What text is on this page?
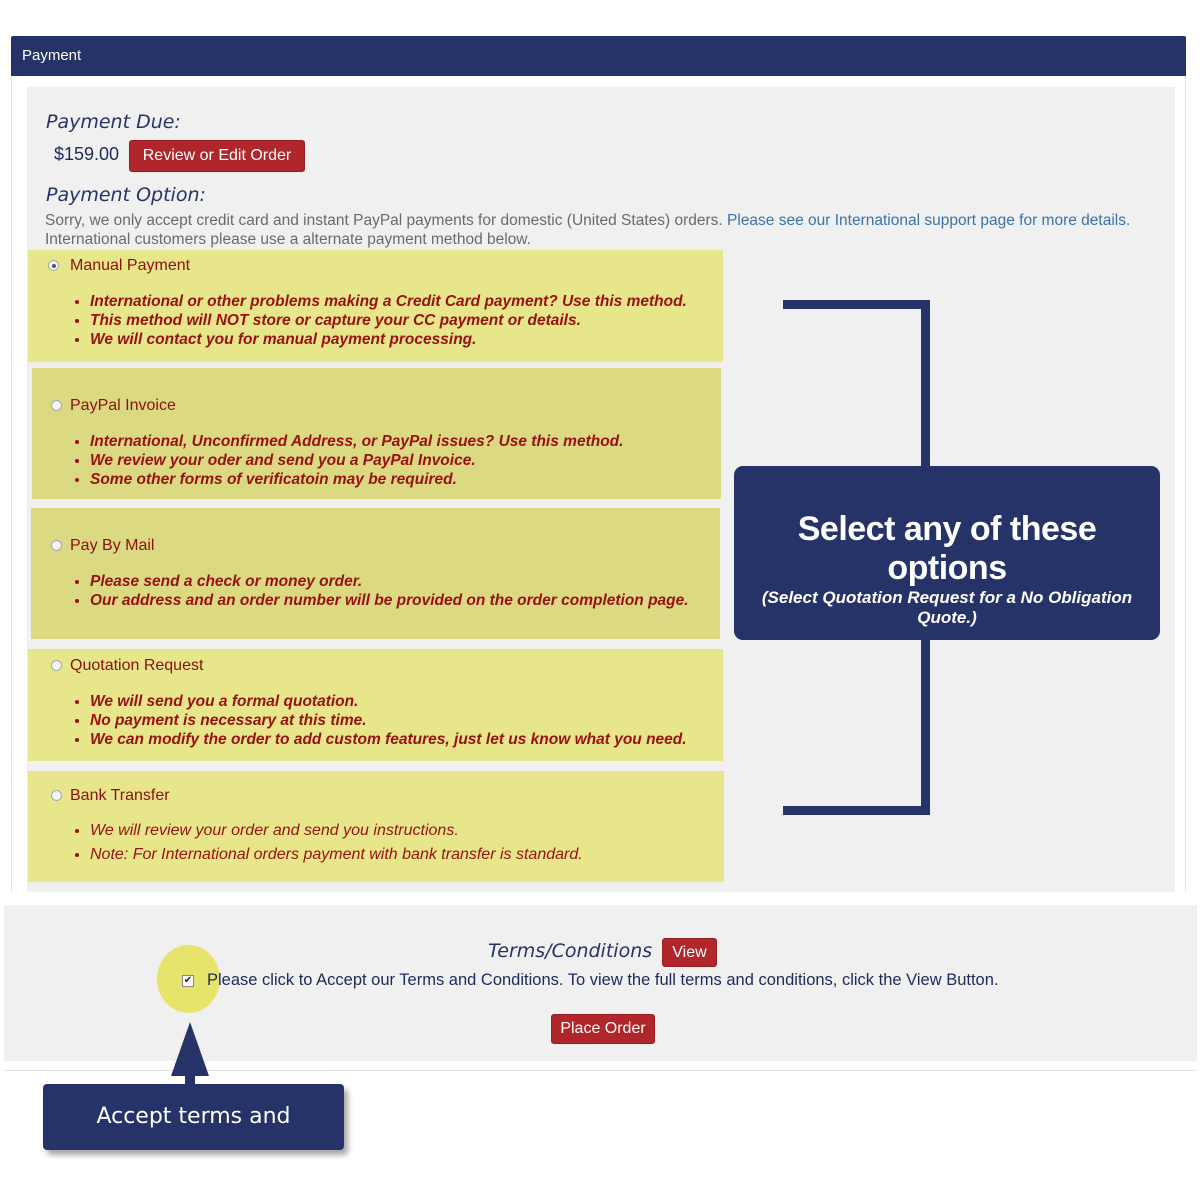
Payment
Payment Due:
$159.00	Review or Edit Order
Payment Option:
Sorry, we only accept credit card and instant PayPal payments for domestic (United States) orders. Please see our International support page for more details. International customers please use a alternate payment method below.
Manual Payment
• International or other problems making a Credit Card payment? Use this method.
• This method will NOT store or capture your CC payment or details.
• We will contact you for manual payment processing.
PayPal Invoice
• International, Unconfirmed Address, or PayPal issues? Use this method.
• We review your oder and send you a PayPal Invoice.
• Some other forms of verificatoin may be required.
Pay By Mail
• Please send a check or money order.
• Our address and an order number will be provided on the order completion page.
Quotation Request
• We will send you a formal quotation.
• No payment is necessary at this time.
• We can modify the order to add custom features, just let us know what you need.
Bank Transfer
• We will review your order and send you instructions.
• Note: For International orders payment with bank transfer is standard.
Select any of these options
(Select Quotation Request for a No Obligation Quote.)
Terms/Conditions	View
✔ Please click to Accept our Terms and Conditions. To view the full terms and conditions, click the View Button.
Place Order
Accept terms and conditions
